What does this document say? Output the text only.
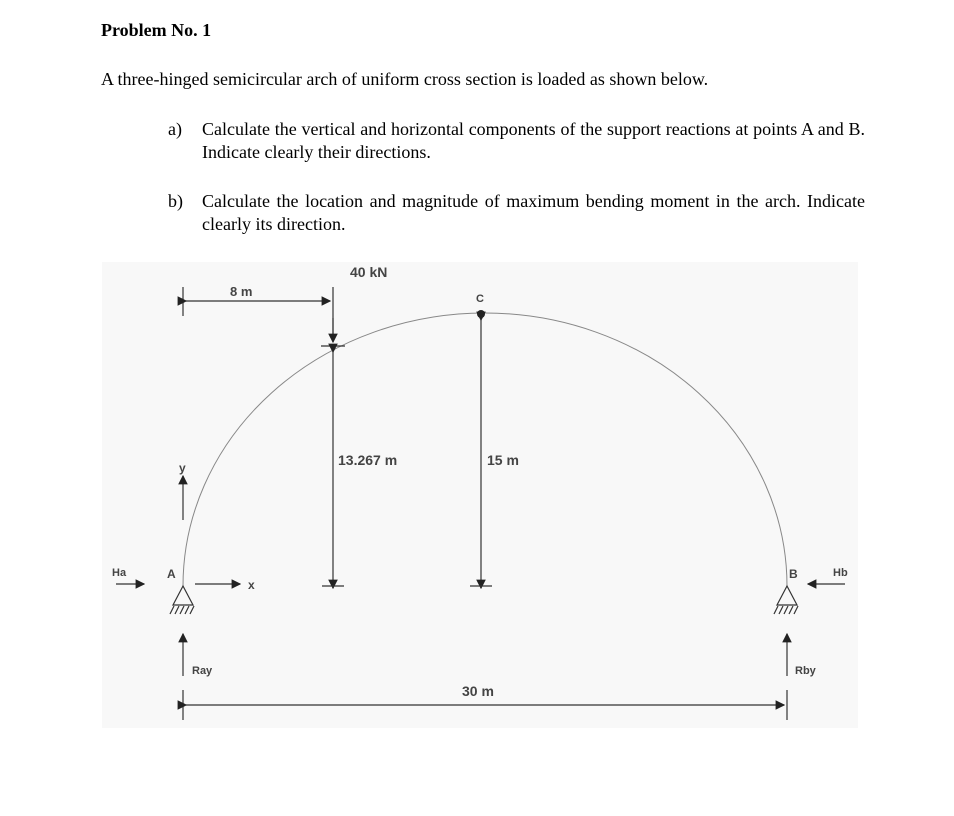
Problem No. 1
A three-hinged semicircular arch of uniform cross section is loaded as shown below.
a)	Calculate the vertical and horizontal components of the support reactions at points A and B. Indicate clearly their directions.
b)	Calculate the location and magnitude of maximum bending moment in the arch. Indicate clearly its direction.
40 kN
8 m	C
13.267 m	15 m
y
x
A	B
Ha	Hb
Ray	Rby
30 m
